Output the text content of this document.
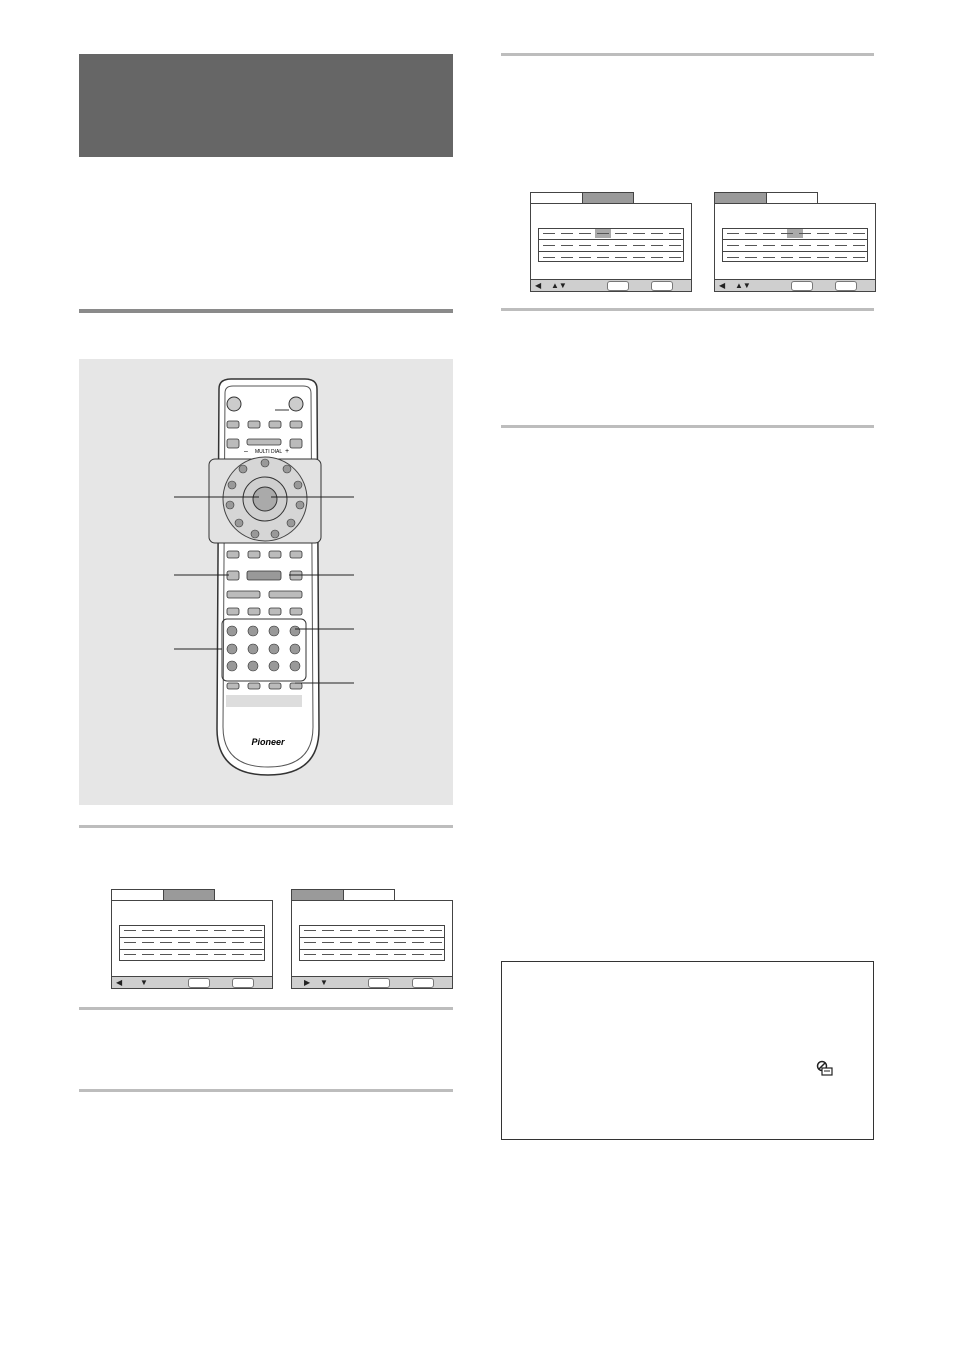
– MULTI DIAL +
Pioneer
◀ ▼	▶ ▼
◀ ▲▼	◀ ▲▼
